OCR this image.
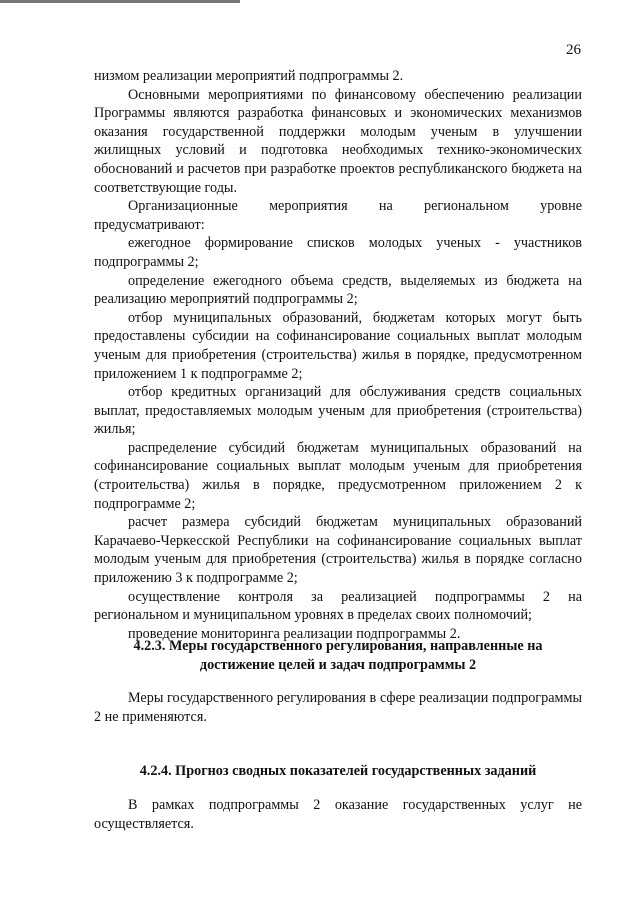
26

низмом реализации мероприятий подпрограммы 2.

Основными мероприятиями по финансовому обеспечению реализации Программы являются разработка финансовых и экономических механизмов оказания государственной поддержки молодым ученым в улучшении жилищных условий и подготовка необходимых технико-экономических обоснований и расчетов при разработке проектов республиканского бюджета на соответствующие годы.

Организационные мероприятия на региональном уровне предусматривают:

ежегодное формирование списков молодых ученых - участников подпрограммы 2;

определение ежегодного объема средств, выделяемых из бюджета на реализацию мероприятий подпрограммы 2;

отбор муниципальных образований, бюджетам которых могут быть предоставлены субсидии на софинансирование социальных выплат молодым ученым для приобретения (строительства) жилья в порядке, предусмотренном приложением 1 к подпрограмме 2;

отбор кредитных организаций для обслуживания средств социальных выплат, предоставляемых молодым ученым для приобретения (строительства) жилья;

распределение субсидий бюджетам муниципальных образований на софинансирование социальных выплат молодым ученым для приобретения (строительства) жилья в порядке, предусмотренном приложением 2 к подпрограмме 2;

расчет размера субсидий бюджетам муниципальных образований Карачаево-Черкесской Республики на софинансирование социальных выплат молодым ученым для приобретения (строительства) жилья в порядке согласно приложению 3 к подпрограмме 2;

осуществление контроля за реализацией подпрограммы 2 на региональном и муниципальном уровнях в пределах своих полномочий;

проведение мониторинга реализации подпрограммы 2.

4.2.3. Меры государственного регулирования, направленные на
достижение целей и задач подпрограммы 2

Меры государственного регулирования в сфере реализации подпрограммы 2 не применяются.

4.2.4. Прогноз сводных показателей государственных заданий

В рамках подпрограммы 2 оказание государственных услуг не осуществляется.
